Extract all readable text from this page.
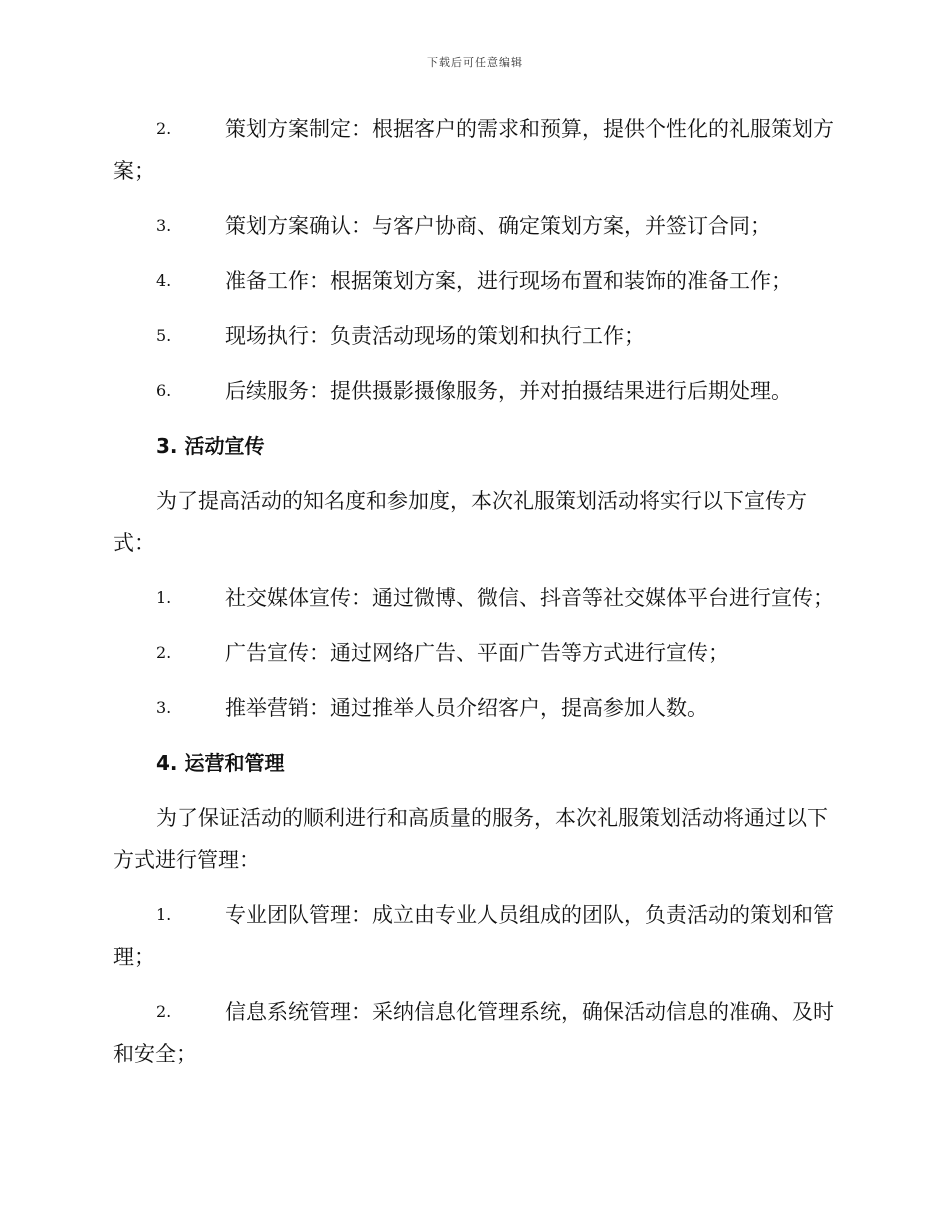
下载后可任意编辑
2.	策划方案制定：根据客户的需求和预算，提供个性化的礼服策划方案；
3.	策划方案确认：与客户协商、确定策划方案，并签订合同；
4.	准备工作：根据策划方案，进行现场布置和装饰的准备工作；
5.	现场执行：负责活动现场的策划和执行工作；
6.	后续服务：提供摄影摄像服务，并对拍摄结果进行后期处理。
3. 活动宣传
为了提高活动的知名度和参加度，本次礼服策划活动将实行以下宣传方式：
1.	社交媒体宣传：通过微博、微信、抖音等社交媒体平台进行宣传；
2.	广告宣传：通过网络广告、平面广告等方式进行宣传；
3.	推举营销：通过推举人员介绍客户，提高参加人数。
4. 运营和管理
为了保证活动的顺利进行和高质量的服务，本次礼服策划活动将通过以下方式进行管理：
1.	专业团队管理：成立由专业人员组成的团队，负责活动的策划和管理；
2.	信息系统管理：采纳信息化管理系统，确保活动信息的准确、及时和安全；
